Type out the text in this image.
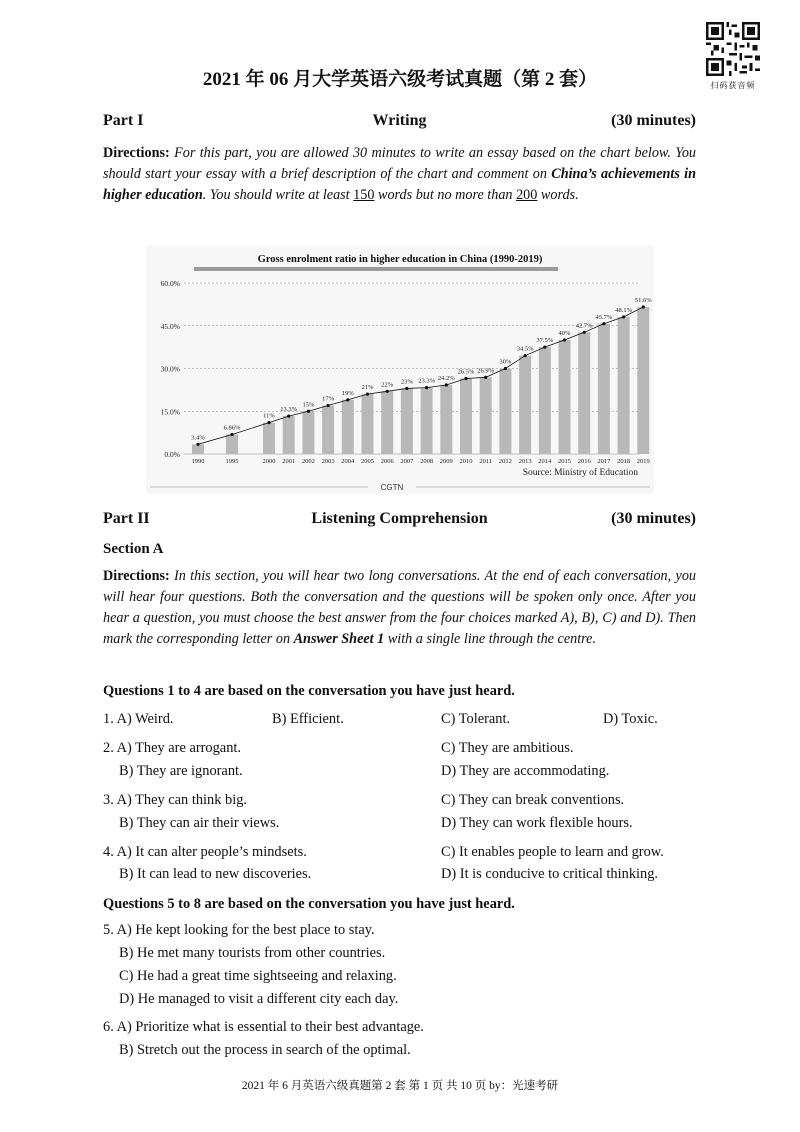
2021 年 06 月大学英语六级考试真题（第 2 套）	扫码获音频
Part I	Writing	(30 minutes)
Directions: For this part, you are allowed 30 minutes to write an essay based on the chart below. You should start your essay with a brief description of the chart and comment on China’s achievements in higher education. You should write at least 150 words but no more than 200 words.
Gross enrolment ratio in higher education in China (1990-2019)
0.0%
15.0%
30.0%
45.0%
60.0%
1990
3.4%
1995
6.86%
2000
11%
2001
13.3%
2002
15%
2003
17%
2004
19%
2005
21%
2006
22%
2007
23%
2008
23.3%
2009
24.2%
2010
26.5%
2011
26.9%
2012
30%
2013
34.5%
2014
37.5%
2015
40%
2016
42.7%
2017
45.7%
2018
48.1%
2019
51.6%
Source: Ministry of Education
CGTN
Part II	Listening Comprehension	(30 minutes)
Section A
Directions: In this section, you will hear two long conversations. At the end of each conversation, you will hear four questions. Both the conversation and the questions will be spoken only once. After you hear a question, you must choose the best answer from the four choices marked A), B), C) and D). Then mark the corresponding letter on Answer Sheet 1 with a single line through the centre.
Questions 1 to 4 are based on the conversation you have just heard.
1. A) Weird.	B) Efficient.	C) Tolerant.	D) Toxic.
2. A) They are arrogant.	C) They are ambitious.
B) They are ignorant.	D) They are accommodating.
3. A) They can think big.	C) They can break conventions.
B) They can air their views.	D) They can work flexible hours.
4. A) It can alter people’s mindsets.	C) It enables people to learn and grow.
B) It can lead to new discoveries.	D) It is conducive to critical thinking.
Questions 5 to 8 are based on the conversation you have just heard.
5. A) He kept looking for the best place to stay.
B) He met many tourists from other countries.
C) He had a great time sightseeing and relaxing.
D) He managed to visit a different city each day.
6. A) Prioritize what is essential to their best advantage.
B) Stretch out the process in search of the optimal.
2021 年 6 月英语六级真题第 2 套 第 1 页 共 10 页 by：光速考研
